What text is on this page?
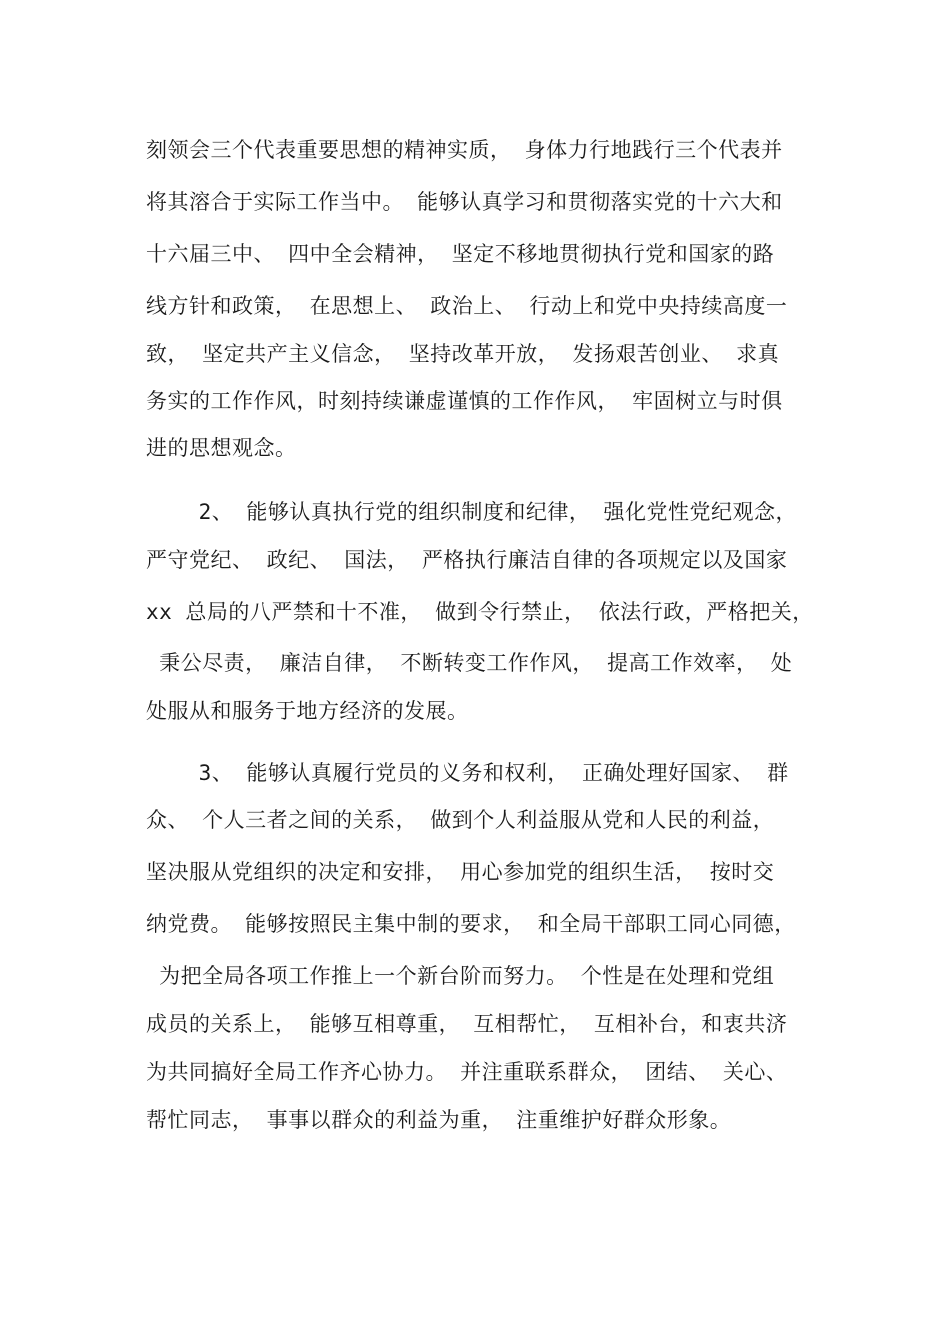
刻领会三个代表重要思想的精神实质， 身体力行地践行三个代表并
将其溶合于实际工作当中。 能够认真学习和贯彻落实党的十六大和
十六届三中、 四中全会精神， 坚定不移地贯彻执行党和国家的路
线方针和政策， 在思想上、 政治上、 行动上和党中央持续高度一
致， 坚定共产主义信念， 坚持改革开放， 发扬艰苦创业、 求真
务实的工作作风，时刻持续谦虚谨慎的工作作风， 牢固树立与时俱
进的思想观念。
2、 能够认真执行党的组织制度和纪律， 强化党性党纪观念，
严守党纪、 政纪、 国法， 严格执行廉洁自律的各项规定以及国家
xx 总局的八严禁和十不准， 做到令行禁止， 依法行政，严格把关，
秉公尽责， 廉洁自律， 不断转变工作作风， 提高工作效率， 处
处服从和服务于地方经济的发展。
3、 能够认真履行党员的义务和权利， 正确处理好国家、 群
众、 个人三者之间的关系， 做到个人利益服从党和人民的利益，
坚决服从党组织的决定和安排， 用心参加党的组织生活， 按时交
纳党费。 能够按照民主集中制的要求， 和全局干部职工同心同德，
为把全局各项工作推上一个新台阶而努力。 个性是在处理和党组
成员的关系上， 能够互相尊重， 互相帮忙， 互相补台，和衷共济
为共同搞好全局工作齐心协力。 并注重联系群众， 团结、 关心、
帮忙同志， 事事以群众的利益为重， 注重维护好群众形象。
